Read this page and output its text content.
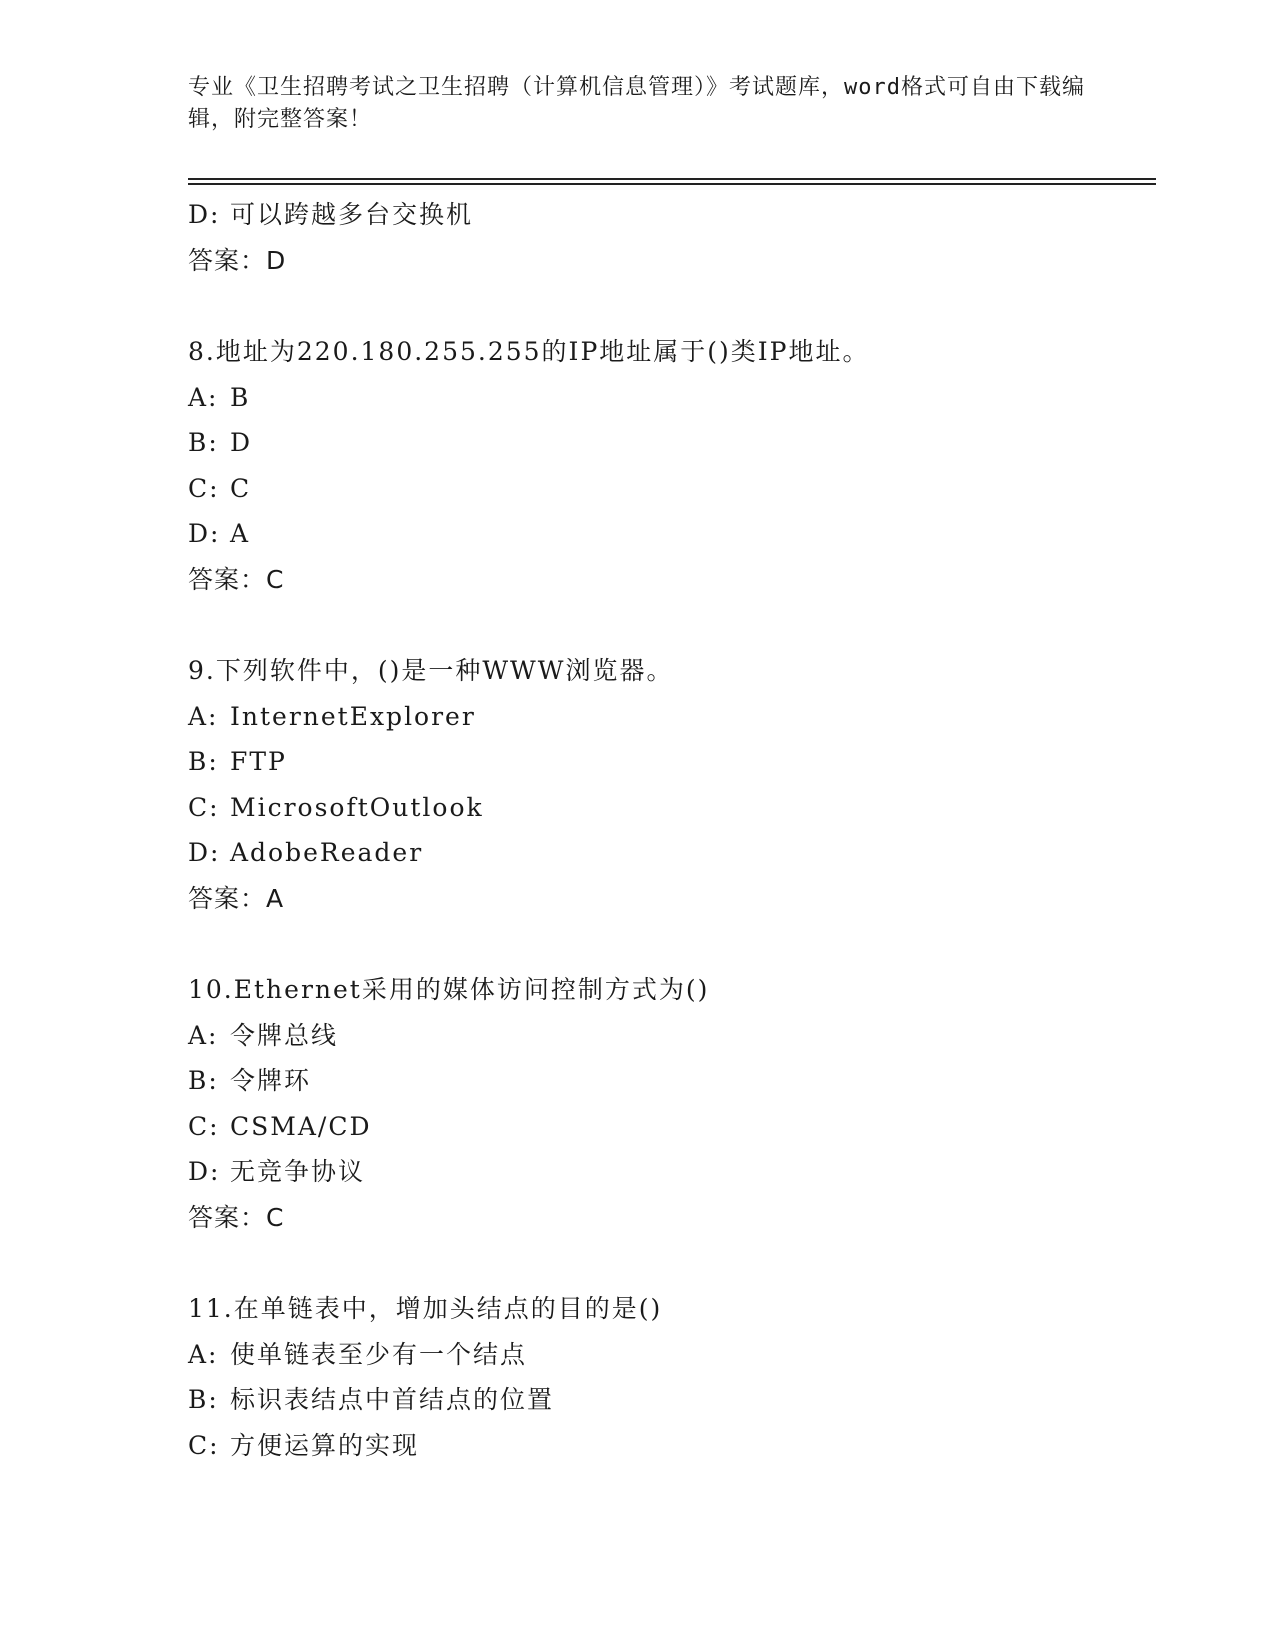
专业《卫生招聘考试之卫生招聘（计算机信息管理）》考试题库，word格式可自由下载编辑，附完整答案！
D: 可以跨越多台交换机
答案：D
8.地址为220.180.255.255的IP地址属于()类IP地址。
A: B
B: D
C: C
D: A
答案：C
9.下列软件中，()是一种WWW浏览器。
A: InternetExplorer
B: FTP
C: MicrosoftOutlook
D: AdobeReader
答案：A
10.Ethernet采用的媒体访问控制方式为()
A: 令牌总线
B: 令牌环
C: CSMA/CD
D: 无竞争协议
答案：C
11.在单链表中，增加头结点的目的是()
A: 使单链表至少有一个结点
B: 标识表结点中首结点的位置
C: 方便运算的实现
